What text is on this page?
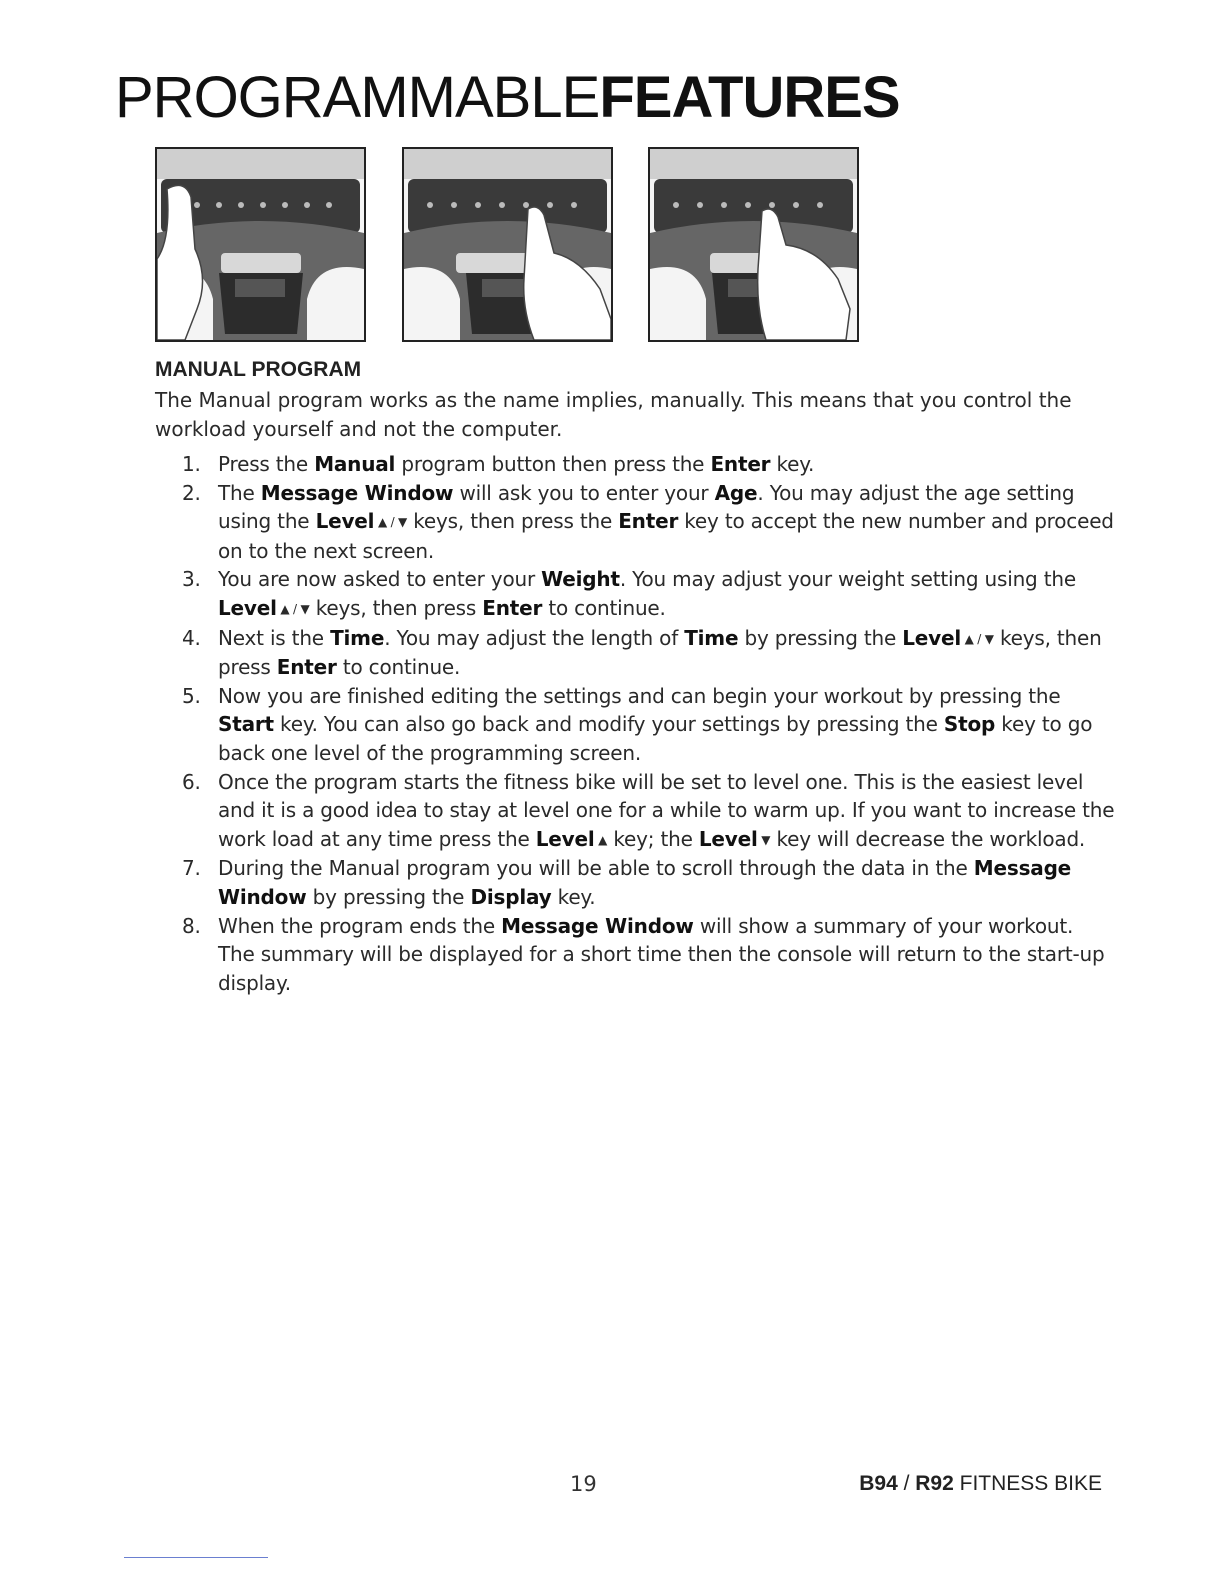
PROGRAMMABLEFEATURES
MANUAL PROGRAM

The Manual program works as the name implies, manually. This means that you control the workload yourself and not the computer.

1. Press the Manual program button then press the Enter key.
2. The Message Window will ask you to enter your Age. You may adjust the age setting using the Level ▲ / ▼ keys, then press the Enter key to accept the new number and proceed on to the next screen.
3. You are now asked to enter your Weight. You may adjust your weight setting using the Level ▲ / ▼ keys, then press Enter to continue.
4. Next is the Time. You may adjust the length of Time by pressing the Level ▲ / ▼ keys, then press Enter to continue.
5. Now you are finished editing the settings and can begin your workout by pressing the Start key. You can also go back and modify your settings by pressing the Stop key to go back one level of the programming screen.
6. Once the program starts the fitness bike will be set to level one. This is the easiest level and it is a good idea to stay at level one for a while to warm up. If you want to increase the work load at any time press the Level ▲ key; the Level ▼ key will decrease the workload.
7. During the Manual program you will be able to scroll through the data in the Message Window by pressing the Display key.
8. When the program ends the Message Window will show a summary of your workout. The summary will be displayed for a short time then the console will return to the start-up display.
19	B94 / R92 FITNESS BIKE
